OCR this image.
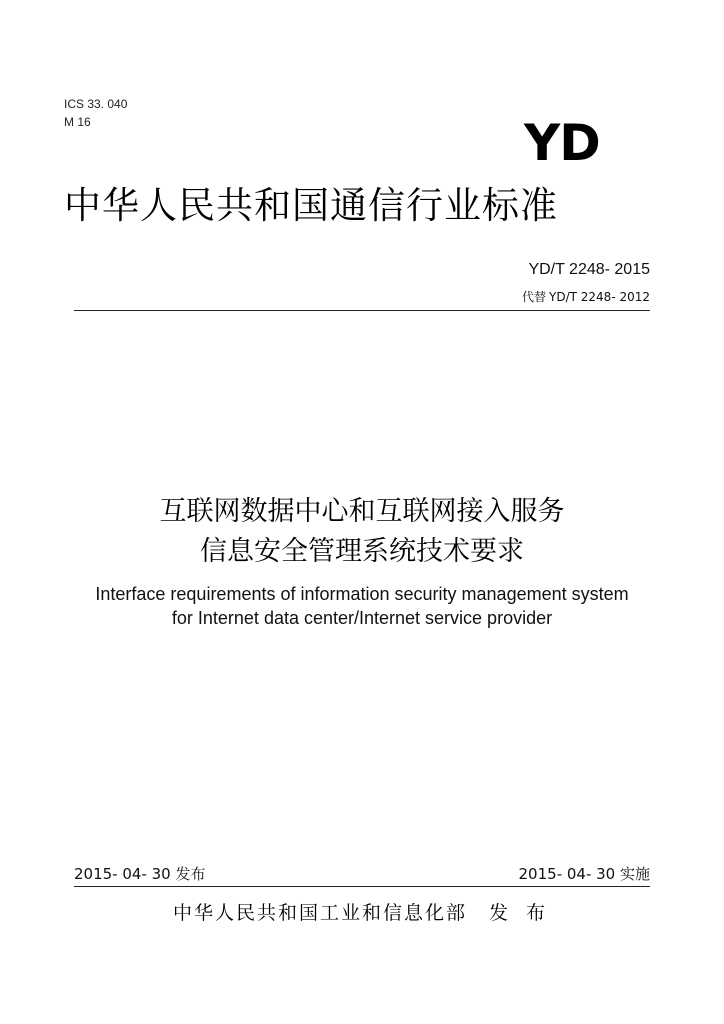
ICS 33. 040
M 16	YD
中华人民共和国通信行业标准
YD/T 2248- 2015
代替 YD/T 2248- 2012
互联网数据中心和互联网接入服务
信息安全管理系统技术要求
Interface requirements of information security management system
for Internet data center/Internet service provider
2015- 04- 30 发布	2015- 04- 30 实施
中华人民共和国工业和信息化部 发 布
